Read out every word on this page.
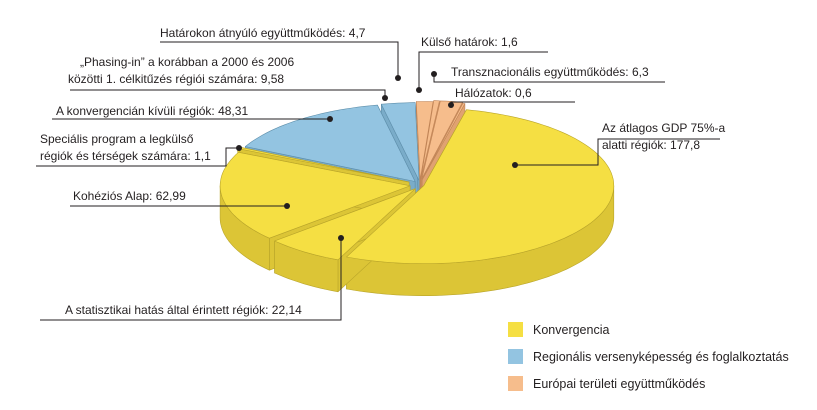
Határokon átnyúló együttműködés: 4,7
Külső határok: 1,6
Transznacionális együttműködés: 6,3
Hálózatok: 0,6
„Phasing-in” a korábban a 2000 és 2006 közötti 1. célkitűzés régiói számára: 9,58
A konvergencián kívüli régiók: 48,31
Speciális program a legkülső régiók és térségek számára: 1,1
Kohéziós Alap: 62,99
A statisztikai hatás által érintett régiók: 22,14
Az átlagos GDP 75%-a alatti régiók: 177,8
Konvergencia
Regionális versenyképesség és foglalkoztatás
Európai területi együttműködés
